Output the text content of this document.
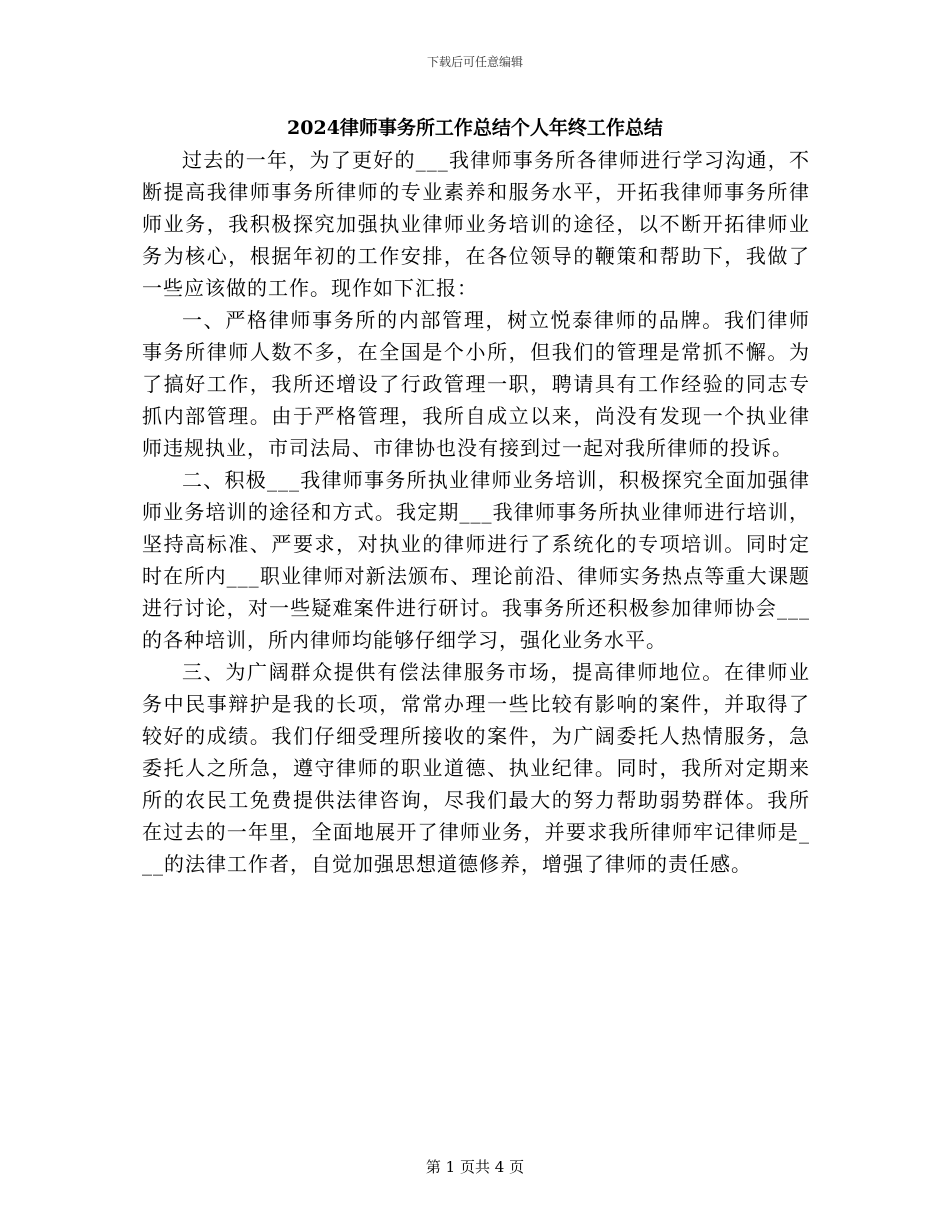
下载后可任意编辑
2024律师事务所工作总结个人年终工作总结

过去的一年，为了更好的___我律师事务所各律师进行学习沟通，不断提高我律师事务所律师的专业素养和服务水平，开拓我律师事务所律师业务，我积极探究加强执业律师业务培训的途径，以不断开拓律师业务为核心，根据年初的工作安排，在各位领导的鞭策和帮助下，我做了一些应该做的工作。现作如下汇报：

一、严格律师事务所的内部管理，树立悦泰律师的品牌。我们律师事务所律师人数不多，在全国是个小所，但我们的管理是常抓不懈。为了搞好工作，我所还增设了行政管理一职，聘请具有工作经验的同志专抓内部管理。由于严格管理，我所自成立以来，尚没有发现一个执业律师违规执业，市司法局、市律协也没有接到过一起对我所律师的投诉。

二、积极___我律师事务所执业律师业务培训，积极探究全面加强律师业务培训的途径和方式。我定期___我律师事务所执业律师进行培训，坚持高标准、严要求，对执业的律师进行了系统化的专项培训。同时定时在所内___职业律师对新法颁布、理论前沿、律师实务热点等重大课题进行讨论，对一些疑难案件进行研讨。我事务所还积极参加律师协会___的各种培训，所内律师均能够仔细学习，强化业务水平。

三、为广阔群众提供有偿法律服务市场，提高律师地位。在律师业务中民事辩护是我的长项，常常办理一些比较有影响的案件，并取得了较好的成绩。我们仔细受理所接收的案件，为广阔委托人热情服务，急委托人之所急，遵守律师的职业道德、执业纪律。同时，我所对定期来所的农民工免费提供法律咨询，尽我们最大的努力帮助弱势群体。我所在过去的一年里，全面地展开了律师业务，并要求我所律师牢记律师是___的法律工作者，自觉加强思想道德修养，增强了律师的责任感。

第 1 页共 4 页
